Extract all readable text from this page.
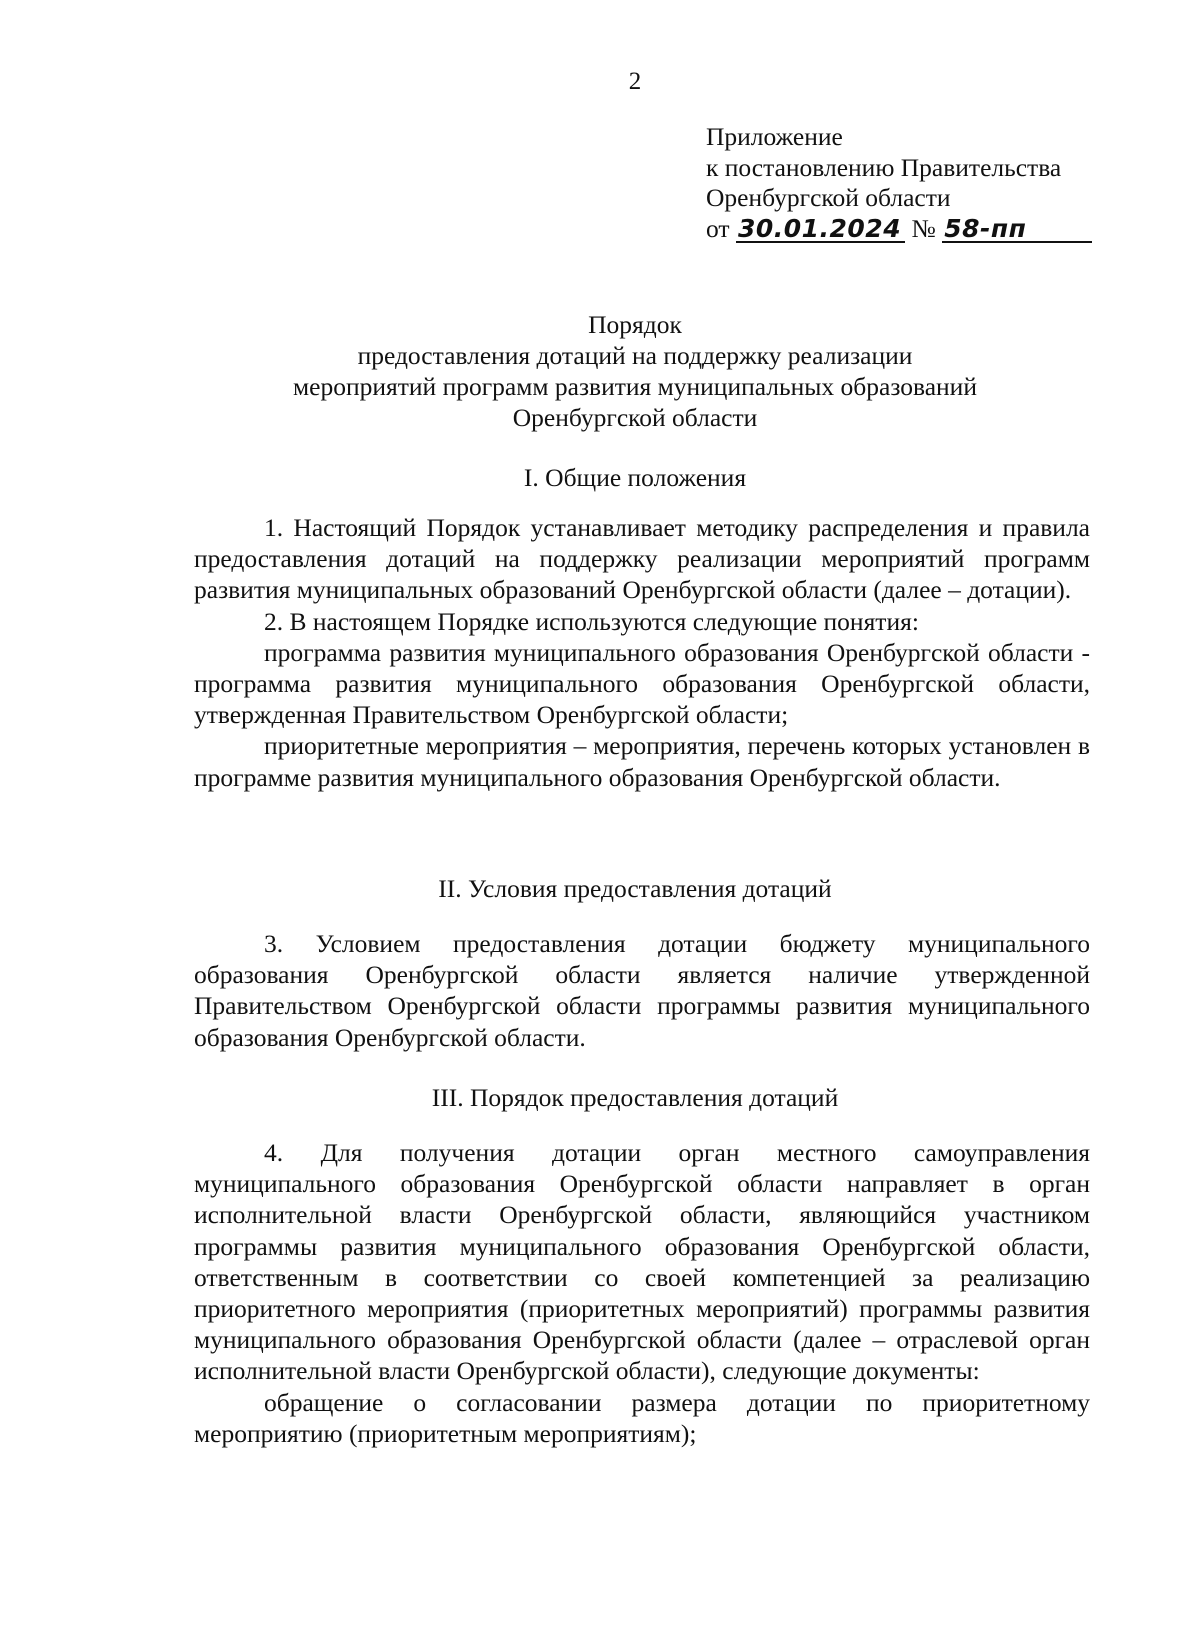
2
Приложение
к постановлению Правительства
Оренбургской области
от 30.01.2024 № 58-пп
Порядок
предоставления дотаций на поддержку реализации
мероприятий программ развития муниципальных образований
Оренбургской области
I. Общие положения

1. Настоящий Порядок устанавливает методику распределения и правила предоставления дотаций на поддержку реализации мероприятий программ развития муниципальных образований Оренбургской области (далее – дотации).

2. В настоящем Порядке используются следующие понятия:

программа развития муниципального образования Оренбургской области - программа развития муниципального образования Оренбургской области, утвержденная Правительством Оренбургской области;

приоритетные мероприятия – мероприятия, перечень которых установлен в программе развития муниципального образования Оренбургской области.

II. Условия предоставления дотаций

3. Условием предоставления дотации бюджету муниципального образования Оренбургской области является наличие утвержденной Правительством Оренбургской области программы развития муниципального образования Оренбургской области.

III. Порядок предоставления дотаций

4. Для получения дотации орган местного самоуправления муниципального образования Оренбургской области направляет в орган исполнительной власти Оренбургской области, являющийся участником программы развития муниципального образования Оренбургской области, ответственным в соответствии со своей компетенцией за реализацию приоритетного мероприятия (приоритетных мероприятий) программы развития муниципального образования Оренбургской области (далее – отраслевой орган исполнительной власти Оренбургской области), следующие документы:

обращение о согласовании размера дотации по приоритетному мероприятию (приоритетным мероприятиям);
